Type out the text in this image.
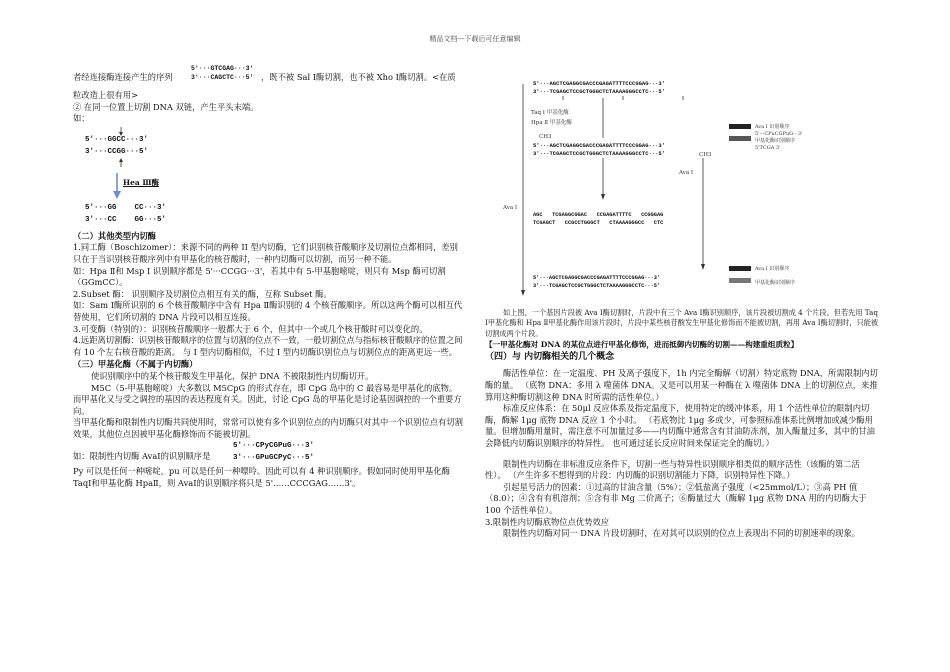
精品文档---下载后可任意编辑
者经连接酶连接产生的序列
5'···GTCGAG···3'
3'···CAGCTC···5' ，既不被 Sal Ⅰ酶切割，也不被 Xho Ⅰ酶切割。<在质

粒改造上很有用>

② 在同一位置上切割 DNA 双链，产生平头末端。

如：

5'···GGCC···3'
3'···CCGG···5'
Hea Ⅲ酶
5'···GG    CC···3'
3'···CC    GG···5'

（二）其他类型内切酶

1.同工酶（Boschizomer）：来源不同的两种 II 型内切酶，它们识别核苷酸顺序及切割位点都相同，差别只在于当识别核苷酸序列中有甲基化的核苷酸时，一种内切酶可以切割，而另一种不能。

如：Hpa Ⅱ和 Msp I 识别顺序都是 5'···CCGG···3'，若其中有 5-甲基胞嘧啶，则只有 Msp 酶可切割（GGmCC）。

2.Subset 酶： 识别顺序及切割位点相互有关的酶，互称 Subset 酶。

如：Sam Ⅰ酶所识别的 6 个核苷酸顺序中含有 Hpa Ⅱ酶识别的 4 个核苷酸顺序。所以这两个酶可以相互代替使用，它们所切割的 DNA 片段可以相互连接。

3.可变酶（特别的）：识别核苷酸顺序一般都大于 6 个，但其中一个或几个核苷酸时可以变化的。

4.远距离切割酶：识别核苷酸顺序的位置与切割的位点不一致，一般切割位点与指标核苷酸顺序的位置之间有 10 个左右核苷酸的距离。 与 I 型内切酶相似，不过 I 型内切酶识别位点与切割位点的距离更远一些。

（三）甲基化酶（不属于内切酶）

使识别顺序中的某个核苷酸发生甲基化，保护 DNA 不被限制性内切酶切开。

M5C（5-甲基胞嘧啶）大多数以 M5CpG 的形式存在，即 CpG 岛中的 C 最容易是甲基化的底物。而甲基化又与受之调控的基因的表达程度有关。因此，讨论 CpG 岛的甲基化是讨论基因调控的一个重要方向。

当甲基化酶和限制性内切酶共同使用时，常常可以使有多个识别位点的内切酶只对其中一个识别位点有切割效果，其他位点因被甲基化酶修饰而不能被切割。

如：限制性内切酶 AvaⅠ的识别顺序是
5'···CPyCGPuG···3'
3'···GPuGCPyC···5'

Py 可以是任何一种嘧啶，pu 可以是任何一种嘌呤。因此可以有 4 种识别顺序。假如同时使用甲基化酶 TaqⅠ和甲基化酶 HpaⅡ，则 AvaⅠ的识别顺序将只是 5'……CCCGAG……3'。

5'···AGCTCGAGGCGACCCGAGATTTTCCCGGAG···3'
3'···TCGAGCTCCGCTGGGCTCTAAAAGGGCCTC···5'
Taq Ⅰ 甲基化酶
Hpa Ⅱ 甲基化酶
CH3
5'···AGCTCGAGGCGACCCGAGATTTTCCCGGAG···3'
3'···TCGAGCTCCGCTGGGCTCTAAAAGGGCCTC···5'	CH3
Ava Ⅰ
Ava Ⅰ
AGC   TCGAGGCGGAC   CCGAGATTTTC   CCGGGAG
TCGAGCT   CCGCCTGGGCT   CTAAAAGGGCC   CTC
5'···AGCTCGAGGCGACCCGAGATTTTCCCGGAG···3'
3'···TCGAGCTCCGCTGGGCTCTAAAAGGGCCTC···5'
Ava Ⅰ 识别顺序
5'···CPuCGPuG···3'
甲基化酶识别顺序
5'TCGA 3'
Ava Ⅰ 识别顺序
甲基化酶识别顺序

如上图，一个基因片段被 Ava Ⅰ酶切割时，片段中有三个 Ava Ⅰ酶识别顺序，该片段被切割成 4 个片段。但若先用 Taq Ⅰ甲基化酶和 Hpa Ⅱ甲基化酶作用该片段时，片段中某些核苷酸发生甲基化修饰而不能被切割，再用 Ava Ⅰ酶切割时，只能被切割成两个片段。

【一甲基化酶对 DNA 的某位点进行甲基化修饰，进而抵御内切酶的切割——构建重组质粒】

（四）与 内切酶相关的几个概念

酶活性单位：在一定温度、PH 及离子强度下，1h 内完全酶解（切割）特定底物 DNA，所需限制内切酶的量。 （底物 DNA：多用 λ 噬菌体 DNA。又是可以用某一种酶在 λ 噬菌体 DNA 上的切割位点，来推算用这种酶切割这种 DNA 时所需的活性单位。）

标准反应体系：在 50μl 反应体系及指定温度下，使用特定的缓冲体系，用 1 个活性单位的限制内切酶，酶解 1μg 底物 DNA 反应 1 个小时。 （若底物比 1μg 多或少，可参照标准体系比例增加或减少酶用量。但增加酶用量时，需注意不可加量过多——内切酶中通常含有甘油防冻剂，加入酶量过多，其中的甘油会降低内切酶识别顺序的特异性。 也可通过延长反应时间来保证完全的酶切。）

限制性内切酶在非标准反应条件下，切割一些与特异性识别顺序相类似的顺序活性（该酶的第二活性）。 （产生许多不想得到的片段：内切酶的识别切割能力下降，识别特异性下降。）

引起星号活力的因素：①过高的甘油含量（5%）；②低盐离子强度（<25mmol/L）；③高 PH 值（8.0）；④含有有机溶剂；⑤含有非 Mg 二价离子；⑥酶量过大（酶解 1μg 底物 DNA 用的内切酶大于 100 个活性单位）。

3.限制性内切酶底物位点优势效应

限制性内切酶对同一 DNA 片段切割时，在对其可以识别的位点上表现出不同的切割速率的现象。
